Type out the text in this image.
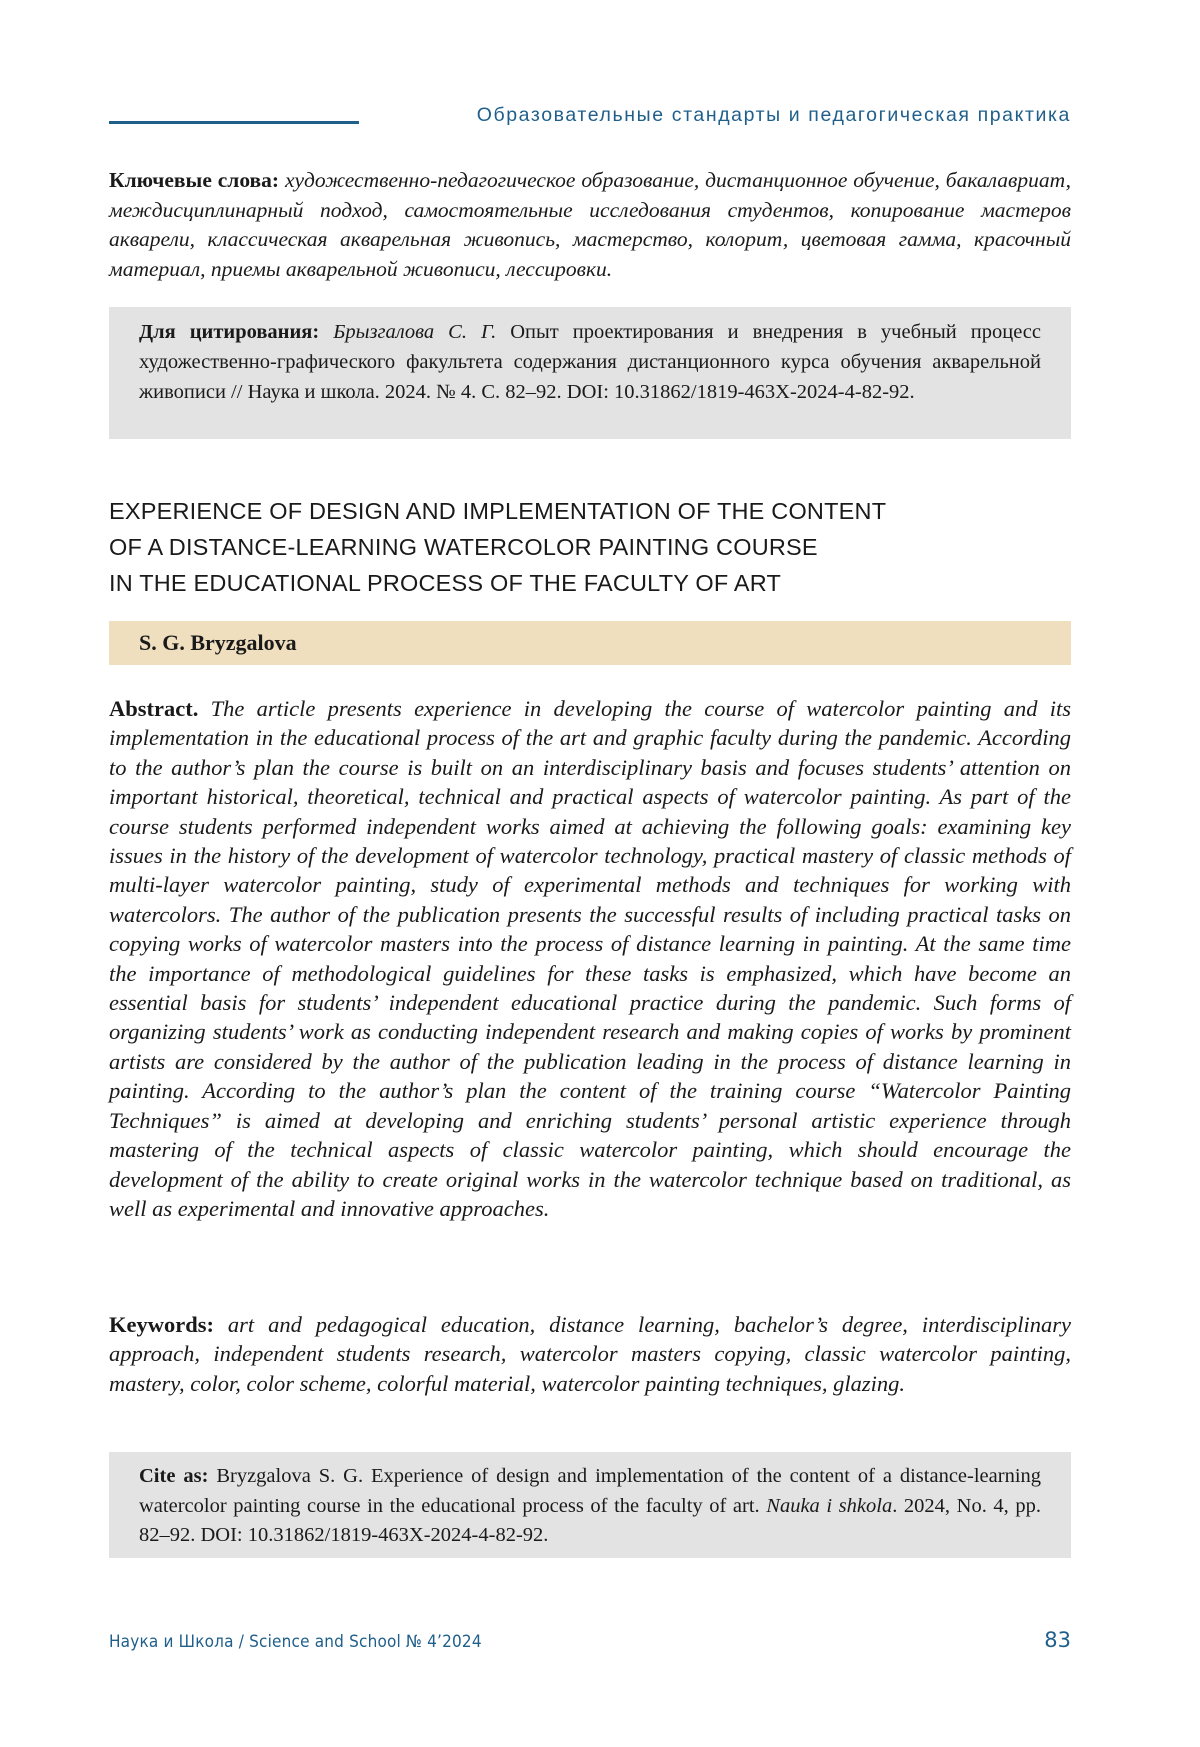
Образовательные стандарты и педагогическая практика
Ключевые слова: художественно-педагогическое образование, дистанционное обучение, бакалавриат, междисциплинарный подход, самостоятельные исследования студентов, копирование мастеров акварели, классическая акварельная живопись, мастерство, колорит, цветовая гамма, красочный материал, приемы акварельной живописи, лессировки.
Для цитирования: Брызгалова С. Г. Опыт проектирования и внедрения в учебный процесс художественно-графического факультета содержания дистанционного курса обучения акварельной живописи // Наука и школа. 2024. № 4. С. 82–92. DOI: 10.31862/1819-463X-2024-4-82-92.
EXPERIENCE OF DESIGN AND IMPLEMENTATION OF THE CONTENT
OF A DISTANCE-LEARNING WATERCOLOR PAINTING COURSE
IN THE EDUCATIONAL PROCESS OF THE FACULTY OF ART
S. G. Bryzgalova
Abstract. The article presents experience in developing the course of watercolor painting and its implementation in the educational process of the art and graphic faculty during the pandemic. According to the author’s plan the course is built on an interdisciplinary basis and focuses students’ attention on important historical, theoretical, technical and practical aspects of watercolor painting. As part of the course students performed independent works aimed at achieving the following goals: examining key issues in the history of the development of watercolor technology, practical mastery of classic methods of multi-layer watercolor painting, study of experimental methods and techniques for working with watercolors. The author of the publication presents the successful results of including practical tasks on copying works of watercolor masters into the process of distance learning in painting. At the same time the importance of methodological guidelines for these tasks is emphasized, which have become an essential basis for students’ independent educational practice during the pandemic. Such forms of organizing students’ work as conducting independent research and making copies of works by prominent artists are considered by the author of the publication leading in the process of distance learning in painting. According to the author’s plan the content of the training course “Watercolor Painting Techniques” is aimed at developing and enriching students’ personal artistic experience through mastering of the technical aspects of classic watercolor painting, which should encourage the development of the ability to create original works in the watercolor technique based on traditional, as well as experimental and innovative approaches.
Keywords: art and pedagogical education, distance learning, bachelor’s degree, interdisciplinary approach, independent students research, watercolor masters copying, classic watercolor painting, mastery, color, color scheme, colorful material, watercolor painting techniques, glazing.
Cite as: Bryzgalova S. G. Experience of design and implementation of the content of a distance-learning watercolor painting course in the educational process of the faculty of art. Nauka i shkola. 2024, No. 4, pp. 82–92. DOI: 10.31862/1819-463X-2024-4-82-92.
Наука и Школа / Science and School № 4’2024	83
